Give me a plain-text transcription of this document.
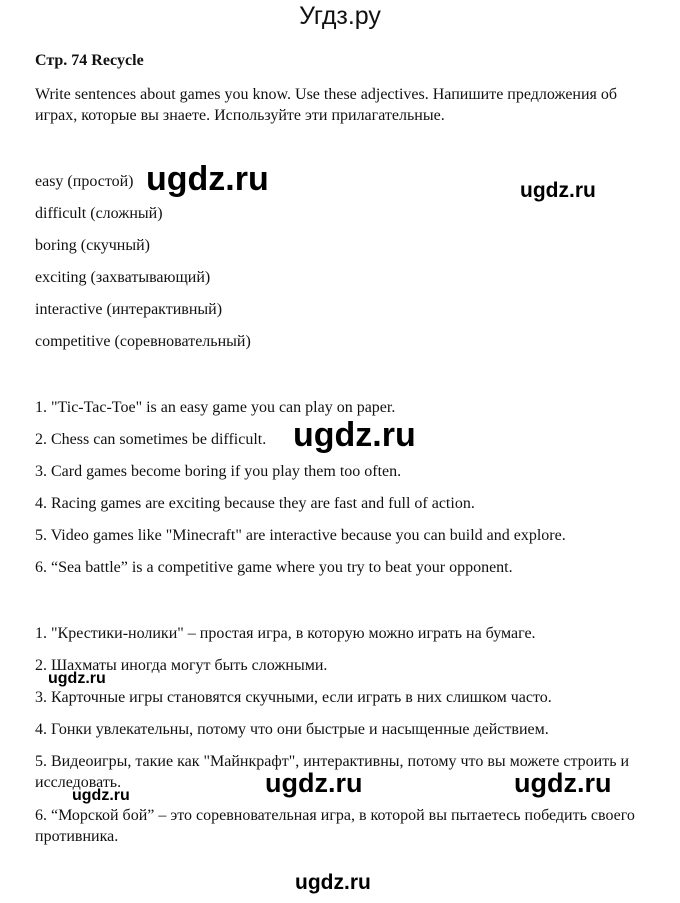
Угдз.ру
Стр. 74 Recycle
Write sentences about games you know. Use these adjectives. Напишите предложения об играх, которые вы знаете. Используйте эти прилагательные.
easy (простой)
difficult (сложный)
boring (скучный)
exciting (захватывающий)
interactive (интерактивный)
competitive (соревновательный)
1. "Tic-Tac-Toe" is an easy game you can play on paper.
2. Chess can sometimes be difficult.
3. Card games become boring if you play them too often.
4. Racing games are exciting because they are fast and full of action.
5. Video games like "Minecraft" are interactive because you can build and explore.
6. “Sea battle” is a competitive game where you try to beat your opponent.
1. "Крестики-нолики" – простая игра, в которую можно играть на бумаге.
2. Шахматы иногда могут быть сложными.
3. Карточные игры становятся скучными, если играть в них слишком часто.
4. Гонки увлекательны, потому что они быстрые и насыщенные действием.
5. Видеоигры, такие как "Майнкрафт", интерактивны, потому что вы можете строить и исследовать.
6. “Морской бой” – это соревновательная игра, в которой вы пытаетесь победить своего противника.
ugdz.ru	ugdz.ru
ugdz.ru
ugdz.ru
ugdz.ru	ugdz.ru
ugdz.ru
ugdz.ru
